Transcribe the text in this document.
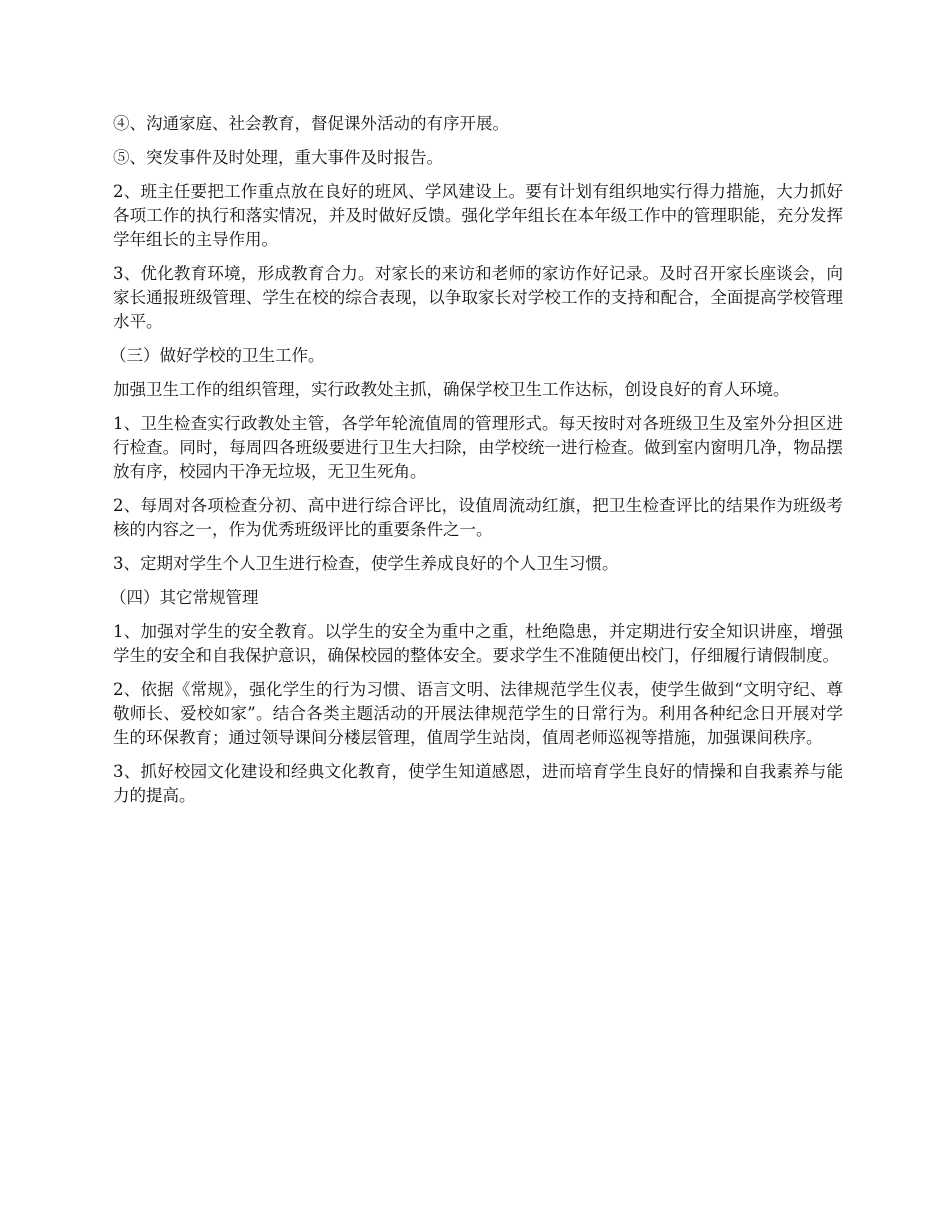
④、沟通家庭、社会教育，督促课外活动的有序开展。

⑤、突发事件及时处理，重大事件及时报告。

2、班主任要把工作重点放在良好的班风、学风建设上。要有计划有组织地实行得力措施，大力抓好各项工作的执行和落实情况，并及时做好反馈。强化学年组长在本年级工作中的管理职能，充分发挥学年组长的主导作用。

3、优化教育环境，形成教育合力。对家长的来访和老师的家访作好记录。及时召开家长座谈会，向家长通报班级管理、学生在校的综合表现，以争取家长对学校工作的支持和配合，全面提高学校管理水平。

（三）做好学校的卫生工作。

加强卫生工作的组织管理，实行政教处主抓，确保学校卫生工作达标，创设良好的育人环境。

1、卫生检查实行政教处主管，各学年轮流值周的管理形式。每天按时对各班级卫生及室外分担区进行检查。同时，每周四各班级要进行卫生大扫除，由学校统一进行检查。做到室内窗明几净，物品摆放有序，校园内干净无垃圾，无卫生死角。

2、每周对各项检查分初、高中进行综合评比，设值周流动红旗，把卫生检查评比的结果作为班级考核的内容之一，作为优秀班级评比的重要条件之一。

3、定期对学生个人卫生进行检查，使学生养成良好的个人卫生习惯。

（四）其它常规管理

1、加强对学生的安全教育。以学生的安全为重中之重，杜绝隐患，并定期进行安全知识讲座，增强学生的安全和自我保护意识，确保校园的整体安全。要求学生不准随便出校门，仔细履行请假制度。

2、依据《常规》，强化学生的行为习惯、语言文明、法律规范学生仪表，使学生做到“文明守纪、尊敬师长、爱校如家”。结合各类主题活动的开展法律规范学生的日常行为。利用各种纪念日开展对学生的环保教育；通过领导课间分楼层管理，值周学生站岗，值周老师巡视等措施，加强课间秩序。

3、抓好校园文化建设和经典文化教育，使学生知道感恩，进而培育学生良好的情操和自我素养与能力的提高。
